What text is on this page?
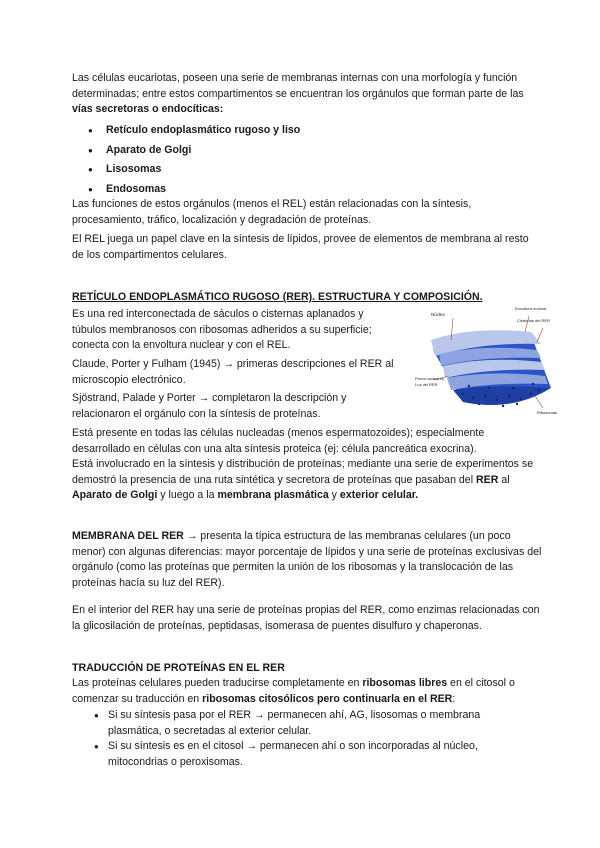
Las células eucariotas, poseen una serie de membranas internas con una morfología y función determinadas; entre estos compartimentos se encuentran los orgánulos que forman parte de las vías secretoras o endocíticas:
● Retículo endoplasmático rugoso y liso
● Aparato de Golgi
● Lisosomas
● Endosomas
Las funciones de estos orgánulos (menos el REL) están relacionadas con la síntesis, procesamiento, tráfico, localización y degradación de proteínas.
El REL juega un papel clave en la síntesis de lípidos, provee de elementos de membrana al resto de los compartimentos celulares.
RETÍCULO ENDOPLASMÁTICO RUGOSO (RER). ESTRUCTURA Y COMPOSICIÓN.
Es una red interconectada de sáculos o cisternas aplanados y túbulos membranosos con ribosomas adheridos a su superficie; conecta con la envoltura nuclear y con el REL.
Claude, Porter y Fulham (1945) → primeras descripciones el RER al microscopio electrónico.
Sjöstrand, Palade y Porter → completaron la descripción y relacionaron el orgánulo con la síntesis de proteínas.
Núcleo
Envoltura nuclear
Cisternas del RER
Poros nucleares
Luz del RER
Ribosomas
Está presente en todas las células nucleadas (menos espermatozoides); especialmente desarrollado en células con una alta síntesis proteica (ej: célula pancreática exocrina).
Está involucrado en la síntesis y distribución de proteínas; mediante una serie de experimentos se demostró la presencia de una ruta sintética y secretora de proteínas que pasaban del RER al Aparato de Golgi y luego a la membrana plasmática y exterior celular.
MEMBRANA DEL RER → presenta la típica estructura de las membranas celulares (un poco menor) con algunas diferencias: mayor porcentaje de lípidos y una serie de proteínas exclusivas del orgánulo (como las proteínas que permiten la unión de los ribosomas y la translocación de las proteínas hacía su luz del RER).
En el interior del RER hay una serie de proteínas propias del RER, como enzimas relacionadas con la glicosilación de proteínas, peptidasas, isomerasa de puentes disulfuro y chaperonas.
TRADUCCIÓN DE PROTEÍNAS EN EL RER
Las proteínas celulares pueden traducirse completamente en ribosomas libres en el citosol o comenzar su traducción en ribosomas citosólicos pero continuarla en el RER:
● Si su síntesis pasa por el RER → permanecen ahí, AG, lisosomas o membrana plasmática, o secretadas al exterior celular.
● Si su síntesis es en el citosol → permanecen ahí o son incorporadas al núcleo, mitocondrias o peroxisomas.
